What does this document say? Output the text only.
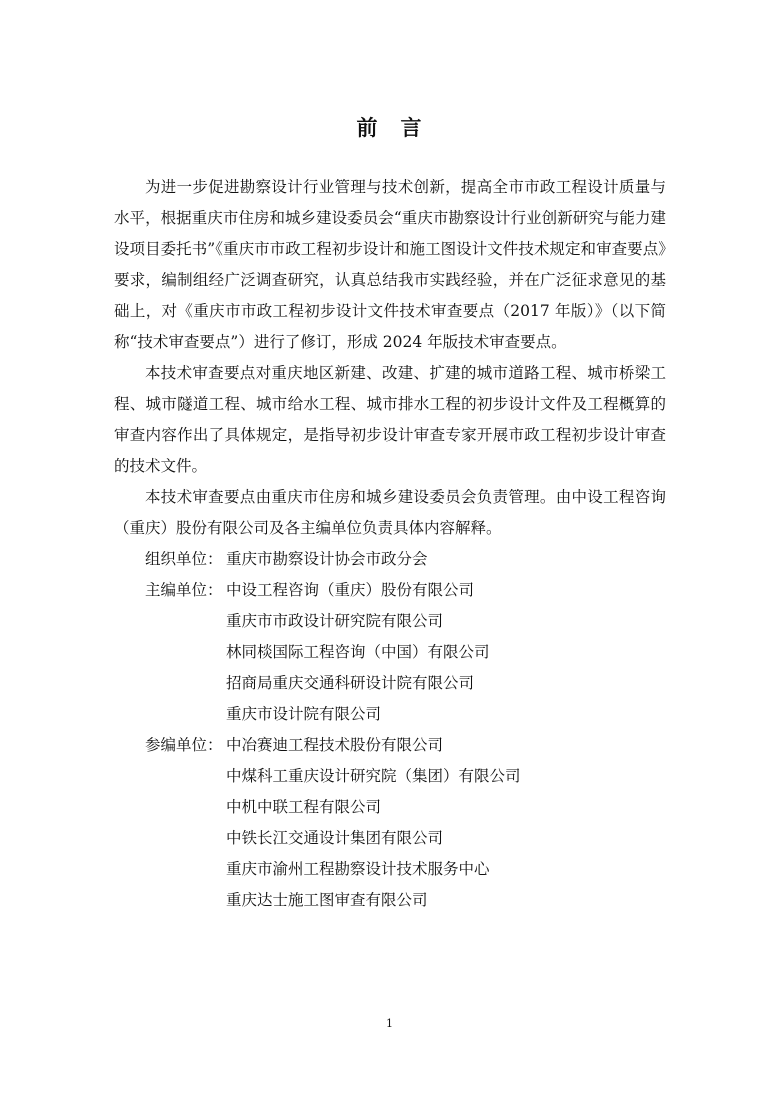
前　言

为进一步促进勘察设计行业管理与技术创新，提高全市市政工程设计质量与水平，根据重庆市住房和城乡建设委员会“重庆市勘察设计行业创新研究与能力建设项目委托书”《重庆市市政工程初步设计和施工图设计文件技术规定和审查要点》要求，编制组经广泛调查研究，认真总结我市实践经验，并在广泛征求意见的基础上，对《重庆市市政工程初步设计文件技术审查要点（2017 年版）》（以下简称“技术审查要点”）进行了修订，形成 2024 年版技术审查要点。

本技术审查要点对重庆地区新建、改建、扩建的城市道路工程、城市桥梁工程、城市隧道工程、城市给水工程、城市排水工程的初步设计文件及工程概算的审查内容作出了具体规定，是指导初步设计审查专家开展市政工程初步设计审查的技术文件。

本技术审查要点由重庆市住房和城乡建设委员会负责管理。由中设工程咨询（重庆）股份有限公司及各主编单位负责具体内容解释。

组织单位： 重庆市勘察设计协会市政分会
主编单位： 中设工程咨询（重庆）股份有限公司
重庆市市政设计研究院有限公司
林同棪国际工程咨询（中国）有限公司
招商局重庆交通科研设计院有限公司
重庆市设计院有限公司
参编单位： 中冶赛迪工程技术股份有限公司
中煤科工重庆设计研究院（集团）有限公司
中机中联工程有限公司
中铁长江交通设计集团有限公司
重庆市渝州工程勘察设计技术服务中心
重庆达士施工图审查有限公司
1
